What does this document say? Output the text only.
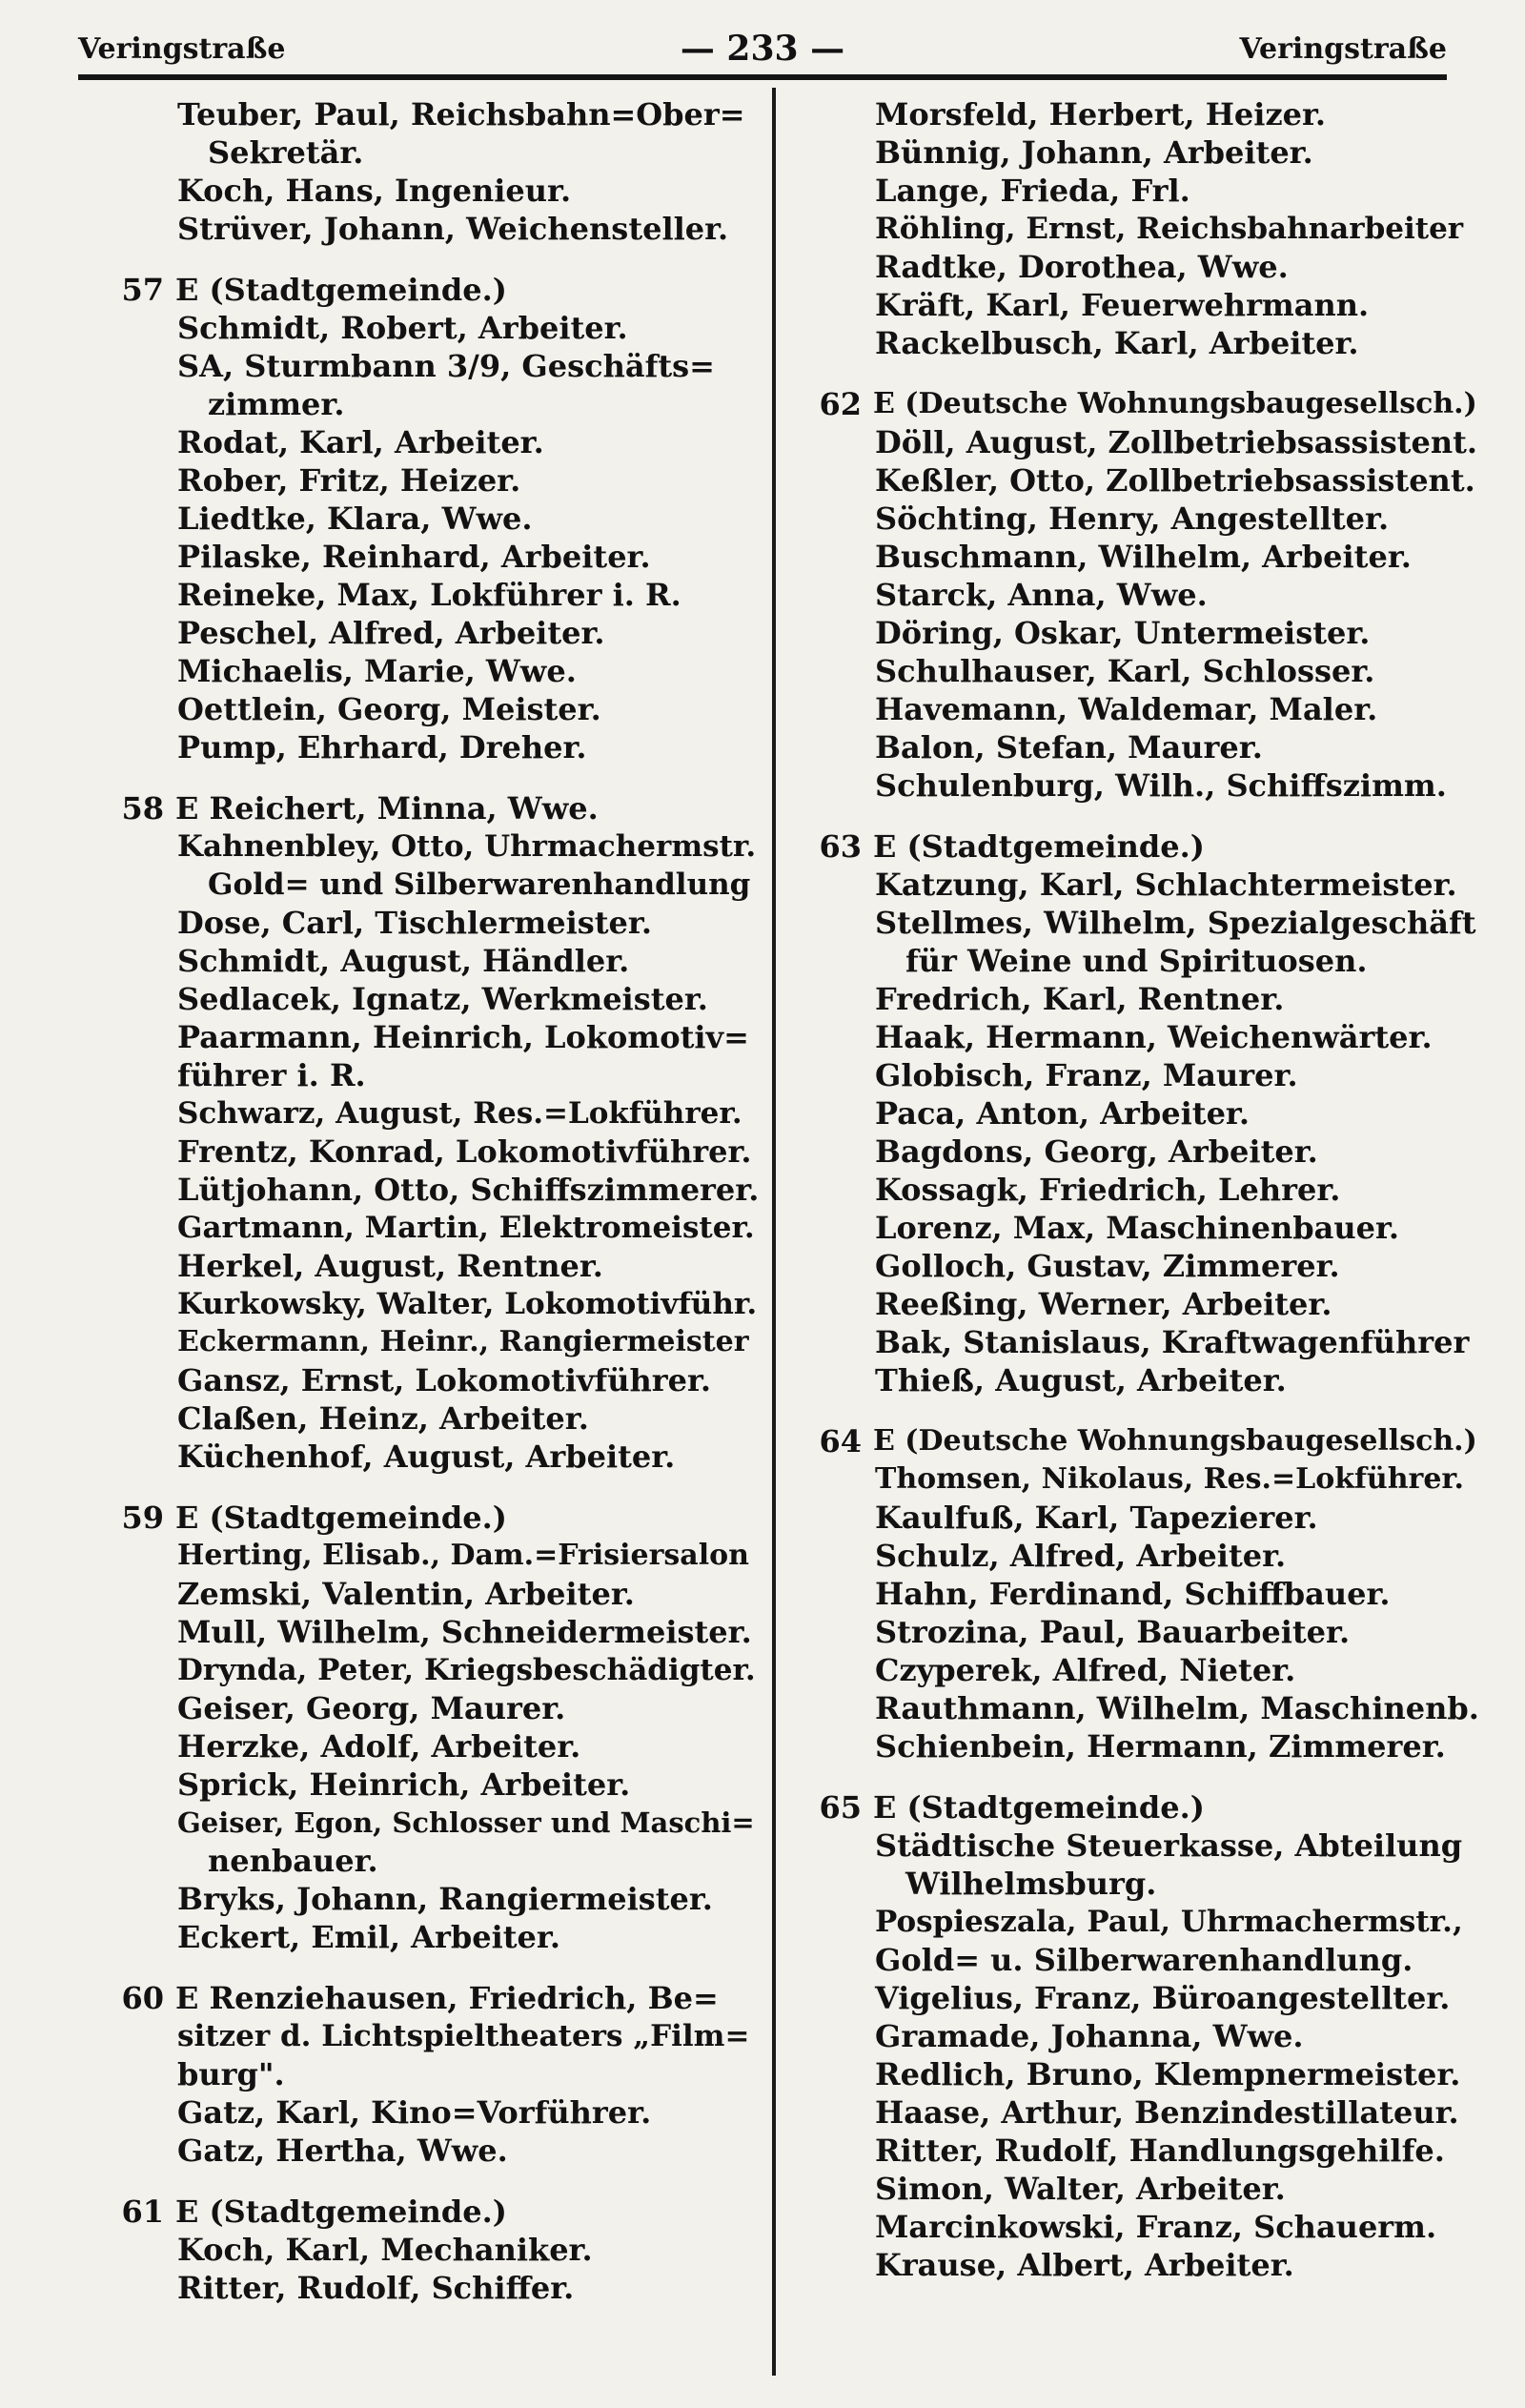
Veringstraße	— 233 —	Veringstraße
Teuber, Paul, Reichsbahn=Ober=
Sekretär.
Koch, Hans, Ingenieur.
Strüver, Johann, Weichensteller.
57 E (Stadtgemeinde.)
Schmidt, Robert, Arbeiter.
SA, Sturmbann 3/9, Geschäfts=
zimmer.
Rodat, Karl, Arbeiter.
Rober, Fritz, Heizer.
Liedtke, Klara, Wwe.
Pilaske, Reinhard, Arbeiter.
Reineke, Max, Lokführer i. R.
Peschel, Alfred, Arbeiter.
Michaelis, Marie, Wwe.
Oettlein, Georg, Meister.
Pump, Ehrhard, Dreher.
58 E Reichert, Minna, Wwe.
Kahnenbley, Otto, Uhrmachermstr.
Gold= und Silberwarenhandlung
Dose, Carl, Tischlermeister.
Schmidt, August, Händler.
Sedlacek, Ignatz, Werkmeister.
Paarmann, Heinrich, Lokomotiv=
führer i. R.
Schwarz, August, Res.=Lokführer.
Frentz, Konrad, Lokomotivführer.
Lütjohann, Otto, Schiffszimmerer.
Gartmann, Martin, Elektromeister.
Herkel, August, Rentner.
Kurkowsky, Walter, Lokomotivführ.
Eckermann, Heinr., Rangiermeister
Gansz, Ernst, Lokomotivführer.
Claßen, Heinz, Arbeiter.
Küchenhof, August, Arbeiter.
59 E (Stadtgemeinde.)
Herting, Elisab., Dam.=Frisiersalon
Zemski, Valentin, Arbeiter.
Mull, Wilhelm, Schneidermeister.
Drynda, Peter, Kriegsbeschädigter.
Geiser, Georg, Maurer.
Herzke, Adolf, Arbeiter.
Sprick, Heinrich, Arbeiter.
Geiser, Egon, Schlosser und Maschi=
nenbauer.
Bryks, Johann, Rangiermeister.
Eckert, Emil, Arbeiter.
60 E Renziehausen, Friedrich, Be=
sitzer d. Lichtspieltheaters „Film=
burg".
Gatz, Karl, Kino=Vorführer.
Gatz, Hertha, Wwe.
61 E (Stadtgemeinde.)
Koch, Karl, Mechaniker.
Ritter, Rudolf, Schiffer.
Morsfeld, Herbert, Heizer.
Bünnig, Johann, Arbeiter.
Lange, Frieda, Frl.
Röhling, Ernst, Reichsbahnarbeiter
Radtke, Dorothea, Wwe.
Kräft, Karl, Feuerwehrmann.
Rackelbusch, Karl, Arbeiter.
62 E (Deutsche Wohnungsbaugesellsch.)
Döll, August, Zollbetriebsassistent.
Keßler, Otto, Zollbetriebsassistent.
Söchting, Henry, Angestellter.
Buschmann, Wilhelm, Arbeiter.
Starck, Anna, Wwe.
Döring, Oskar, Untermeister.
Schulhauser, Karl, Schlosser.
Havemann, Waldemar, Maler.
Balon, Stefan, Maurer.
Schulenburg, Wilh., Schiffszimm.
63 E (Stadtgemeinde.)
Katzung, Karl, Schlachtermeister.
Stellmes, Wilhelm, Spezialgeschäft
für Weine und Spirituosen.
Fredrich, Karl, Rentner.
Haak, Hermann, Weichenwärter.
Globisch, Franz, Maurer.
Paca, Anton, Arbeiter.
Bagdons, Georg, Arbeiter.
Kossagk, Friedrich, Lehrer.
Lorenz, Max, Maschinenbauer.
Golloch, Gustav, Zimmerer.
Reeßing, Werner, Arbeiter.
Bak, Stanislaus, Kraftwagenführer
Thieß, August, Arbeiter.
64 E (Deutsche Wohnungsbaugesellsch.)
Thomsen, Nikolaus, Res.=Lokführer.
Kaulfuß, Karl, Tapezierer.
Schulz, Alfred, Arbeiter.
Hahn, Ferdinand, Schiffbauer.
Strozina, Paul, Bauarbeiter.
Czyperek, Alfred, Nieter.
Rauthmann, Wilhelm, Maschinenb.
Schienbein, Hermann, Zimmerer.
65 E (Stadtgemeinde.)
Städtische Steuerkasse, Abteilung
Wilhelmsburg.
Pospieszala, Paul, Uhrmachermstr.,
Gold= u. Silberwarenhandlung.
Vigelius, Franz, Büroangestellter.
Gramade, Johanna, Wwe.
Redlich, Bruno, Klempnermeister.
Haase, Arthur, Benzindestillateur.
Ritter, Rudolf, Handlungsgehilfe.
Simon, Walter, Arbeiter.
Marcinkowski, Franz, Schauerm.
Krause, Albert, Arbeiter.
